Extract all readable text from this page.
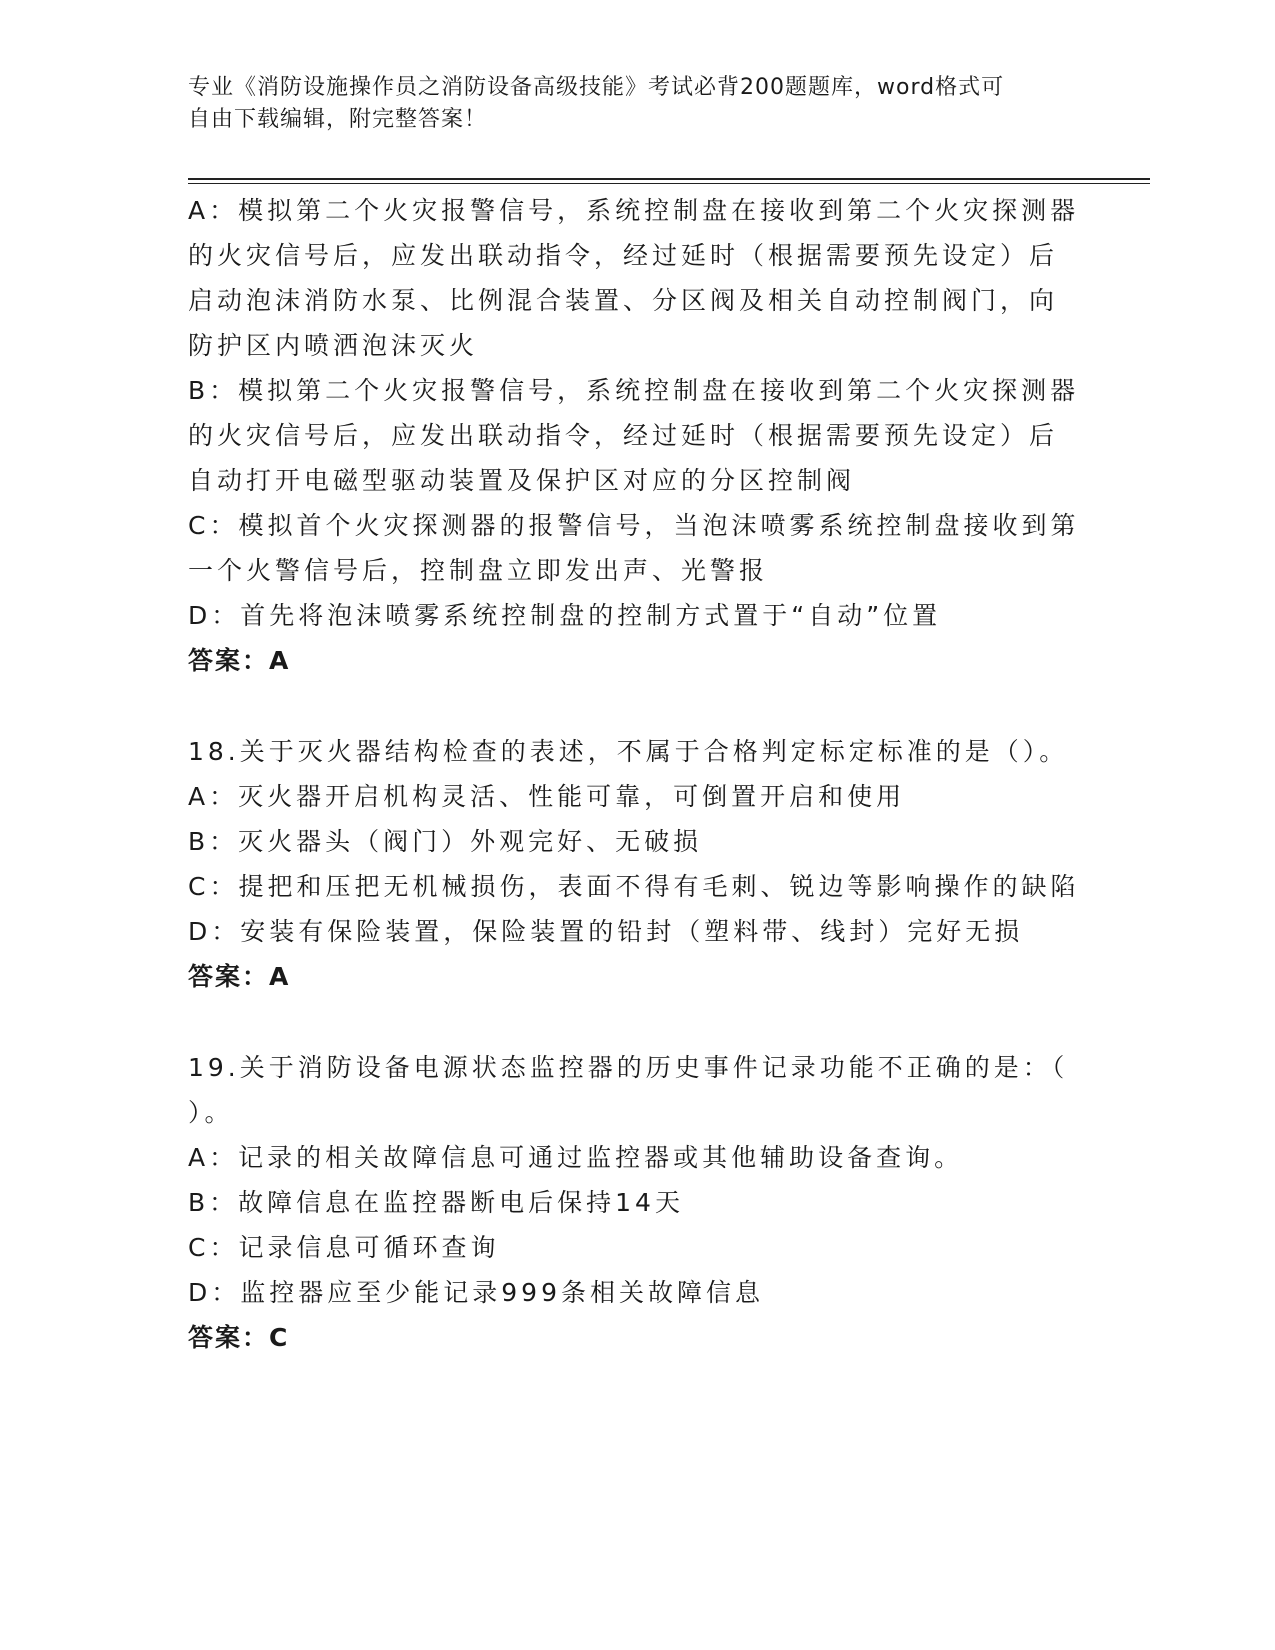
专业《消防设施操作员之消防设备高级技能》考试必背200题题库，word格式可
自由下载编辑，附完整答案！

A：模拟第二个火灾报警信号，系统控制盘在接收到第二个火灾探测器

的火灾信号后，应发出联动指令，经过延时（根据需要预先设定）后

启动泡沫消防水泵、比例混合装置、分区阀及相关自动控制阀门，向

防护区内喷洒泡沫灭火

B：模拟第二个火灾报警信号，系统控制盘在接收到第二个火灾探测器

的火灾信号后，应发出联动指令，经过延时（根据需要预先设定）后

自动打开电磁型驱动装置及保护区对应的分区控制阀

C：模拟首个火灾探测器的报警信号，当泡沫喷雾系统控制盘接收到第

一个火警信号后，控制盘立即发出声、光警报

D：首先将泡沫喷雾系统控制盘的控制方式置于“自动”位置

答案：A

18.关于灭火器结构检查的表述，不属于合格判定标定标准的是（）。

A：灭火器开启机构灵活、性能可靠，可倒置开启和使用

B：灭火器头（阀门）外观完好、无破损

C：提把和压把无机械损伤，表面不得有毛刺、锐边等影响操作的缺陷

D：安装有保险装置，保险装置的铅封（塑料带、线封）完好无损

答案：A

19.关于消防设备电源状态监控器的历史事件记录功能不正确的是：（

）。

A：记录的相关故障信息可通过监控器或其他辅助设备查询。

B：故障信息在监控器断电后保持14天

C：记录信息可循环查询

D：监控器应至少能记录999条相关故障信息

答案：C
